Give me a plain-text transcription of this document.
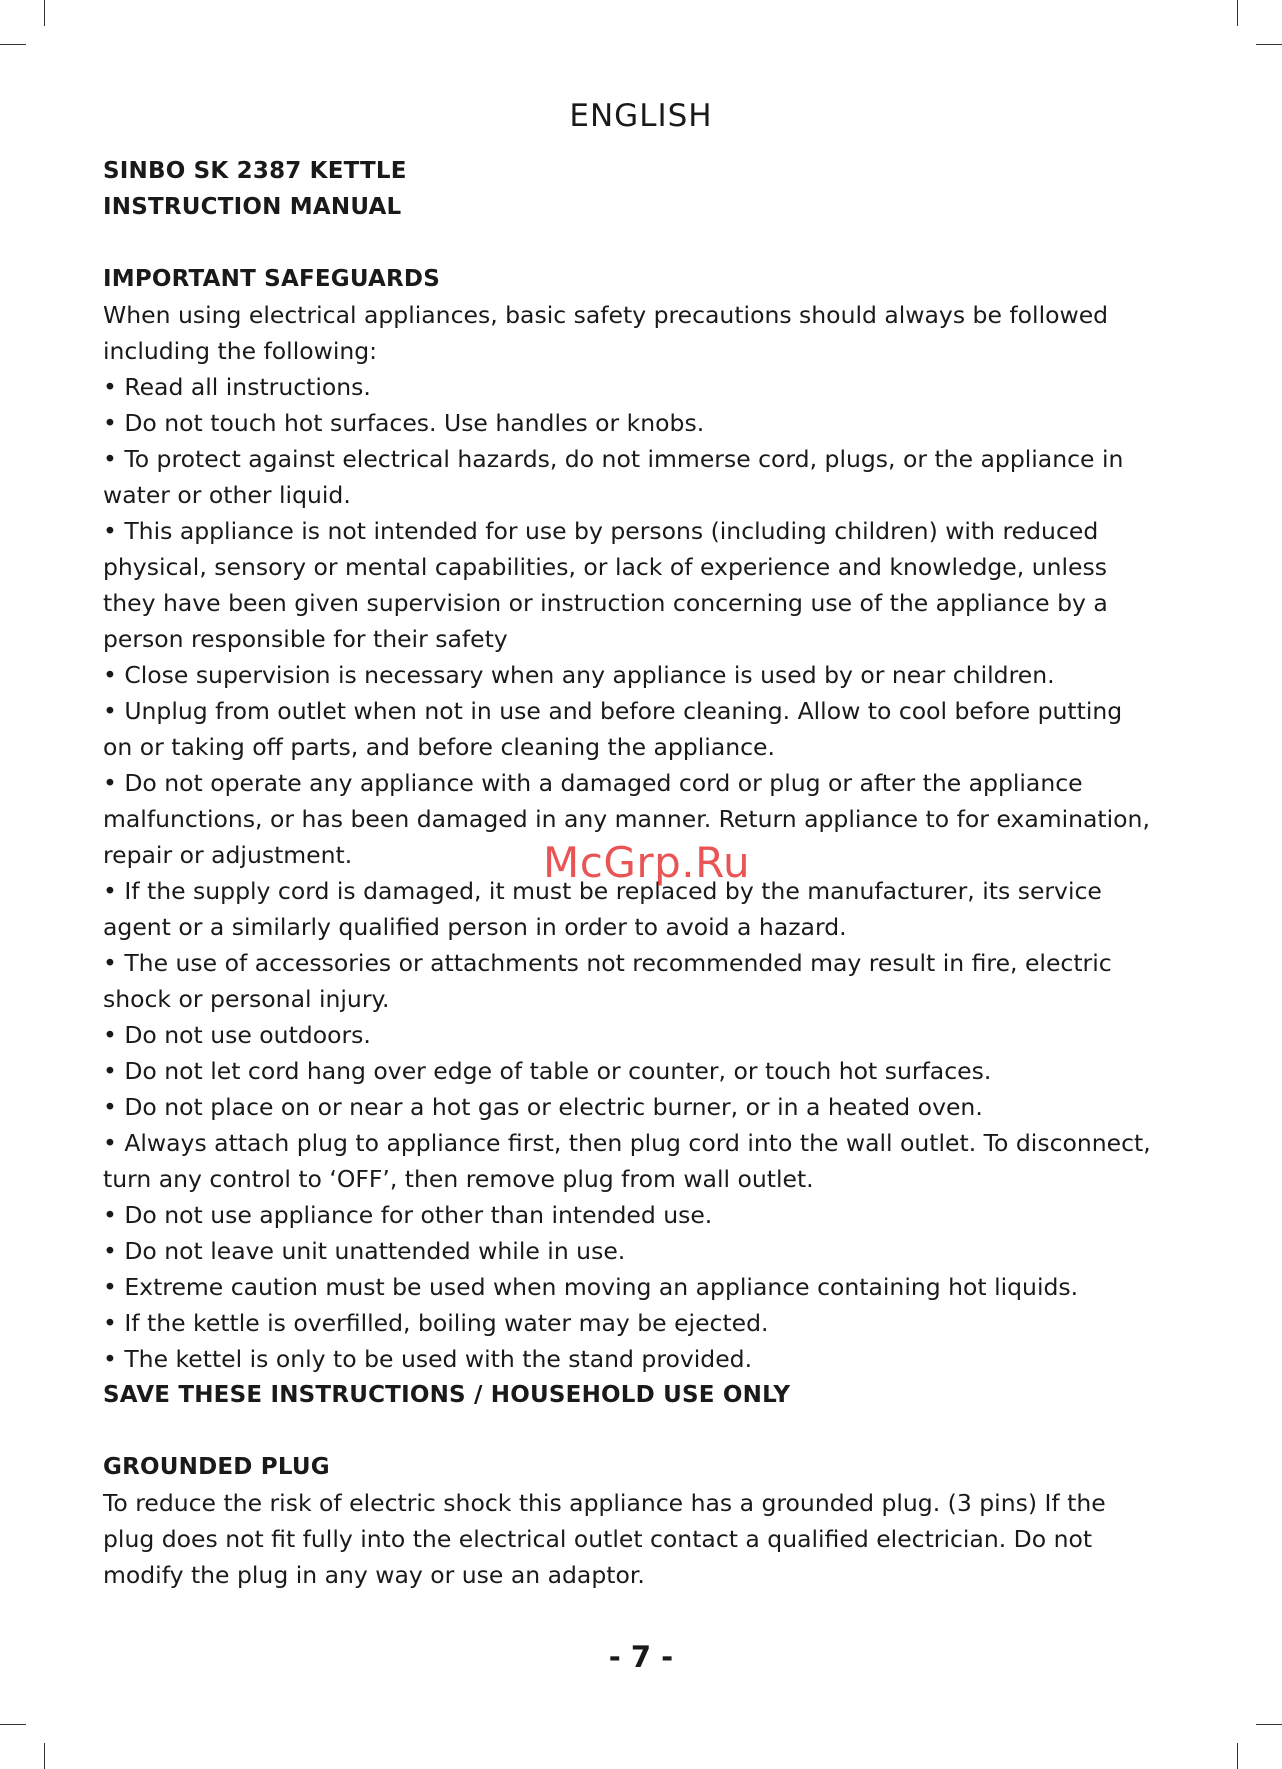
ENGLISH
SINBO SK 2387 KETTLE
INSTRUCTION MANUAL
IMPORTANT SAFEGUARDS
When using electrical appliances, basic safety precautions should always be followed
including the following:
• Read all instructions.
• Do not touch hot surfaces. Use handles or knobs.
• To protect against electrical hazards, do not immerse cord, plugs, or the appliance in
water or other liquid.
• This appliance is not intended for use by persons (including children) with reduced
physical, sensory or mental capabilities, or lack of experience and knowledge, unless
they have been given supervision or instruction concerning use of the appliance by a
person responsible for their safety
• Close supervision is necessary when any appliance is used by or near children.
• Unplug from outlet when not in use and before cleaning. Allow to cool before putting
on or taking off parts, and before cleaning the appliance.
• Do not operate any appliance with a damaged cord or plug or after the appliance
malfunctions, or has been damaged in any manner. Return appliance to for examination,
repair or adjustment.
• If the supply cord is damaged, it must be replaced by the manufacturer, its service
agent or a similarly qualified person in order to avoid a hazard.
• The use of accessories or attachments not recommended may result in fire, electric
shock or personal injury.
• Do not use outdoors.
• Do not let cord hang over edge of table or counter, or touch hot surfaces.
• Do not place on or near a hot gas or electric burner, or in a heated oven.
• Always attach plug to appliance first, then plug cord into the wall outlet. To disconnect,
turn any control to ‘OFF’, then remove plug from wall outlet.
• Do not use appliance for other than intended use.
• Do not leave unit unattended while in use.
• Extreme caution must be used when moving an appliance containing hot liquids.
• If the kettle is overfilled, boiling water may be ejected.
• The kettel is only to be used with the stand provided.
SAVE THESE INSTRUCTIONS / HOUSEHOLD USE ONLY
GROUNDED PLUG
To reduce the risk of electric shock this appliance has a grounded plug. (3 pins) If the
plug does not fit fully into the electrical outlet contact a qualified electrician. Do not
modify the plug in any way or use an adaptor.
McGrp.Ru
- 7 -
